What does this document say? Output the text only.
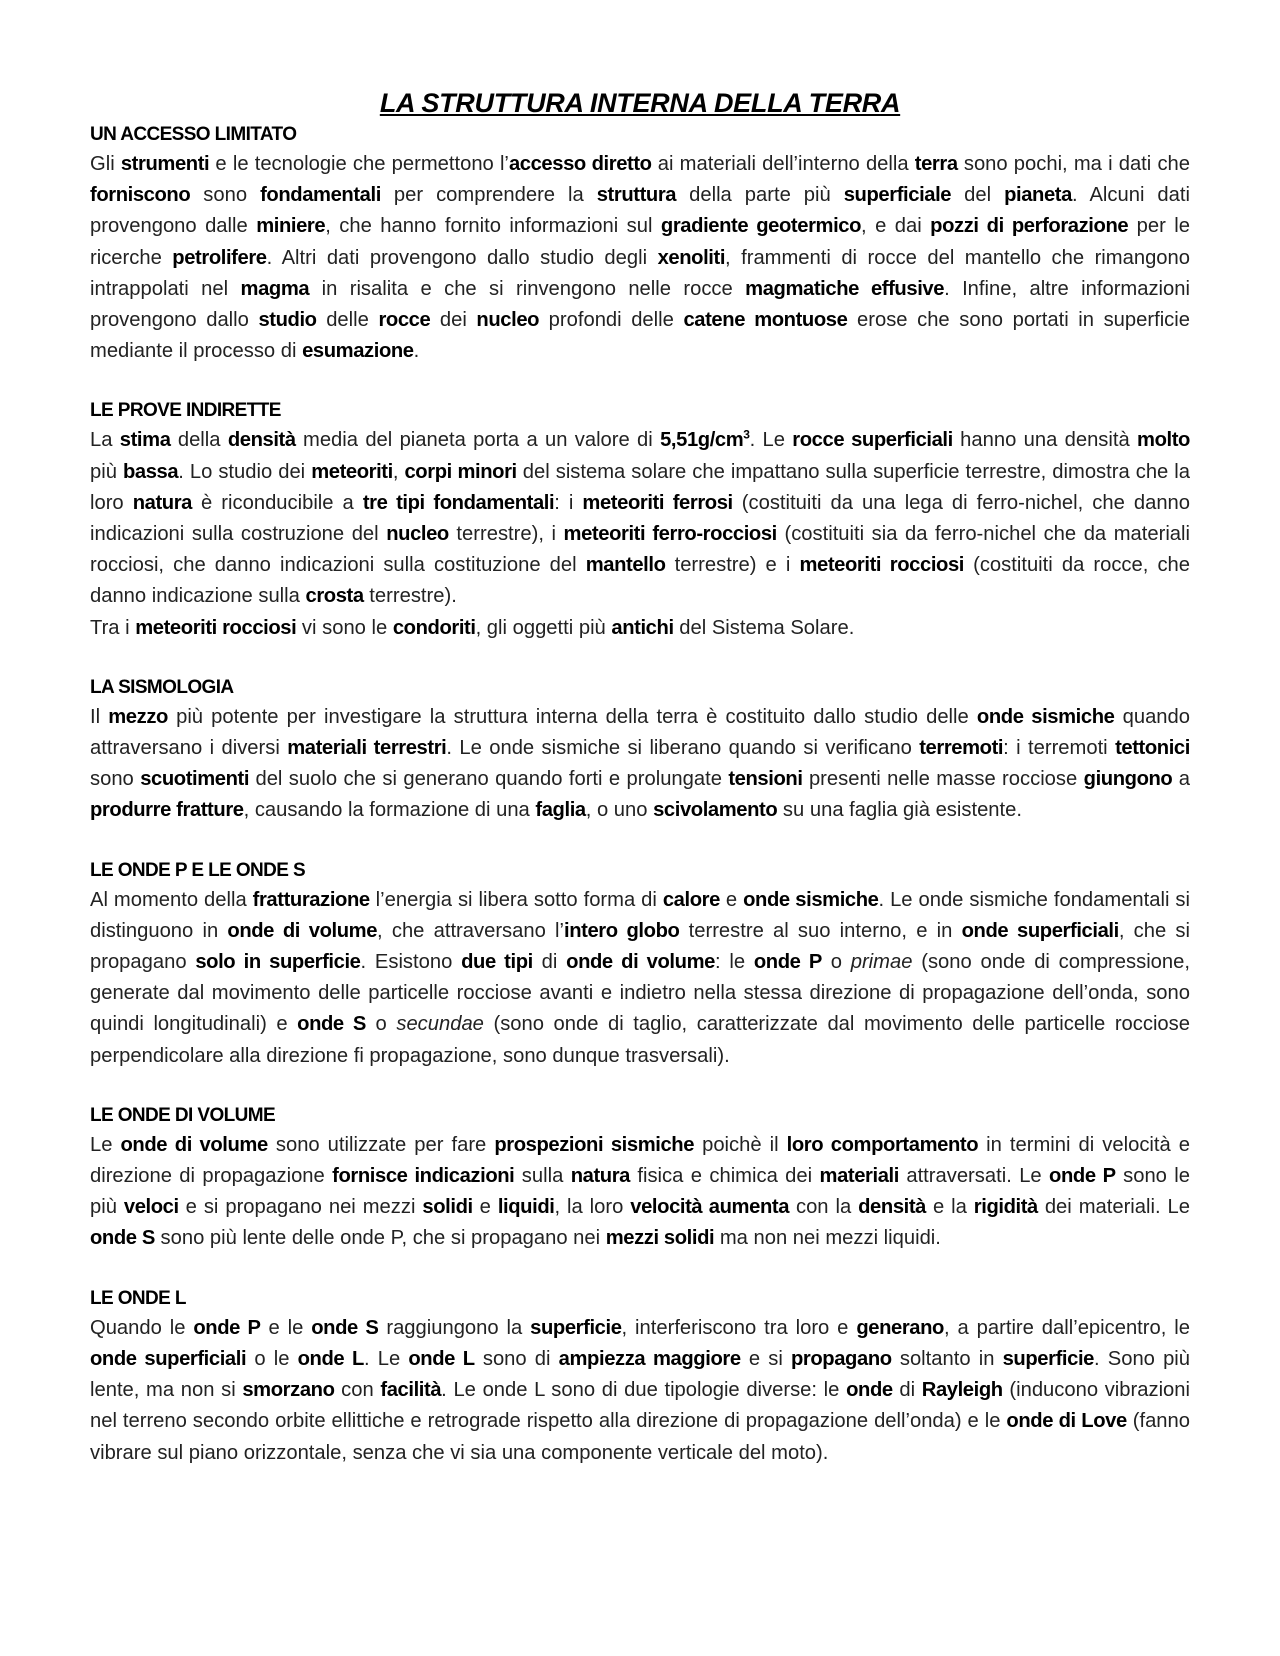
LA STRUTTURA INTERNA DELLA TERRA
UN ACCESSO LIMITATO

Gli strumenti e le tecnologie che permettono l’accesso diretto ai materiali dell’interno della terra sono pochi, ma i dati che forniscono sono fondamentali per comprendere la struttura della parte più superficiale del pianeta. Alcuni dati provengono dalle miniere, che hanno fornito informazioni sul gradiente geotermico, e dai pozzi di perforazione per le ricerche petrolifere. Altri dati provengono dallo studio degli xenoliti, frammenti di rocce del mantello che rimangono intrappolati nel magma in risalita e che si rinvengono nelle rocce magmatiche effusive. Infine, altre informazioni provengono dallo studio delle rocce dei nucleo profondi delle catene montuose erose che sono portati in superficie mediante il processo di esumazione.

LE PROVE INDIRETTE

La stima della densità media del pianeta porta a un valore di $5,51g/cm^3$. Le rocce superficiali hanno una densità molto più bassa. Lo studio dei meteoriti, corpi minori del sistema solare che impattano sulla superficie terrestre, dimostra che la loro natura è riconducibile a tre tipi fondamentali: i meteoriti ferrosi (costituiti da una lega di ferro-nichel, che danno indicazioni sulla costruzione del nucleo terrestre), i meteoriti ferro-rocciosi (costituiti sia da ferro-nichel che da materiali rocciosi, che danno indicazioni sulla costituzione del mantello terrestre) e i meteoriti rocciosi (costituiti da rocce, che danno indicazione sulla crosta terrestre).
Tra i meteoriti rocciosi vi sono le condoriti, gli oggetti più antichi del Sistema Solare.

LA SISMOLOGIA

Il mezzo più potente per investigare la struttura interna della terra è costituito dallo studio delle onde sismiche quando attraversano i diversi materiali terrestri. Le onde sismiche si liberano quando si verificano terremoti: i terremoti tettonici sono scuotimenti del suolo che si generano quando forti e prolungate tensioni presenti nelle masse rocciose giungono a produrre fratture, causando la formazione di una faglia, o uno scivolamento su una faglia già esistente.

LE ONDE P E LE ONDE S

Al momento della fratturazione l’energia si libera sotto forma di calore e onde sismiche. Le onde sismiche fondamentali si distinguono in onde di volume, che attraversano l’intero globo terrestre al suo interno, e in onde superficiali, che si propagano solo in superficie. Esistono due tipi di onde di volume: le onde P o primae (sono onde di compressione, generate dal movimento delle particelle rocciose avanti e indietro nella stessa direzione di propagazione dell’onda, sono quindi longitudinali) e onde S o secundae (sono onde di taglio, caratterizzate dal movimento delle particelle rocciose perpendicolare alla direzione fi propagazione, sono dunque trasversali).

LE ONDE DI VOLUME

Le onde di volume sono utilizzate per fare prospezioni sismiche poichè il loro comportamento in termini di velocità e direzione di propagazione fornisce indicazioni sulla natura fisica e chimica dei materiali attraversati. Le onde P sono le più veloci e si propagano nei mezzi solidi e liquidi, la loro velocità aumenta con la densità e la rigidità dei materiali. Le onde S sono più lente delle onde P, che si propagano nei mezzi solidi ma non nei mezzi liquidi.

LE ONDE L

Quando le onde P e le onde S raggiungono la superficie, interferiscono tra loro e generano, a partire dall’epicentro, le onde superficiali o le onde L. Le onde L sono di ampiezza maggiore e si propagano soltanto in superficie. Sono più lente, ma non si smorzano con facilità. Le onde L sono di due tipologie diverse: le onde di Rayleigh (inducono vibrazioni nel terreno secondo orbite ellittiche e retrograde rispetto alla direzione di propagazione dell’onda) e le onde di Love (fanno vibrare sul piano orizzontale, senza che vi sia una componente verticale del moto).
